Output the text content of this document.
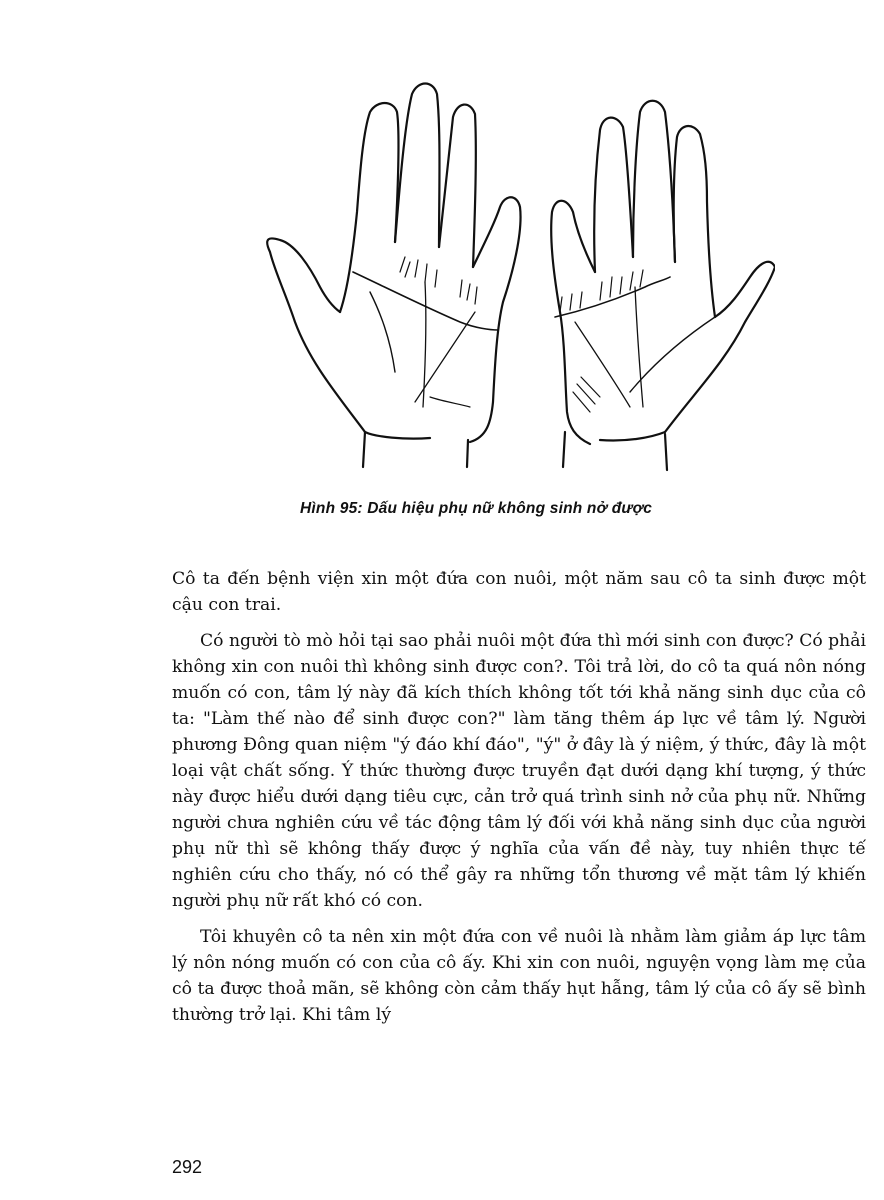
Hình 95: Dấu hiệu phụ nữ không sinh nở được

Cô ta đến bệnh viện xin một đứa con nuôi, một năm sau cô ta sinh được một cậu con trai.

Có người tò mò hỏi tại sao phải nuôi một đứa thì mới sinh con được? Có phải không xin con nuôi thì không sinh được con?. Tôi trả lời, do cô ta quá nôn nóng muốn có con, tâm lý này đã kích thích không tốt tới khả năng sinh dục của cô ta: "Làm thế nào để sinh được con?" làm tăng thêm áp lực về tâm lý. Người phương Đông quan niệm "ý đáo khí đáo", "ý" ở đây là ý niệm, ý thức, đây là một loại vật chất sống. Ý thức thường được truyền đạt dưới dạng khí tượng, ý thức này được hiểu dưới dạng tiêu cực, cản trở quá trình sinh nở của phụ nữ. Những người chưa nghiên cứu về tác động tâm lý đối với khả năng sinh dục của người phụ nữ thì sẽ không thấy được ý nghĩa của vấn đề này, tuy nhiên thực tế nghiên cứu cho thấy, nó có thể gây ra những tổn thương về mặt tâm lý khiến người phụ nữ rất khó có con.

Tôi khuyên cô ta nên xin một đứa con về nuôi là nhằm làm giảm áp lực tâm lý nôn nóng muốn có con của cô ấy. Khi xin con nuôi, nguyện vọng làm mẹ của cô ta được thoả mãn, sẽ không còn cảm thấy hụt hẫng, tâm lý của cô ấy sẽ bình thường trở lại. Khi tâm lý

292
